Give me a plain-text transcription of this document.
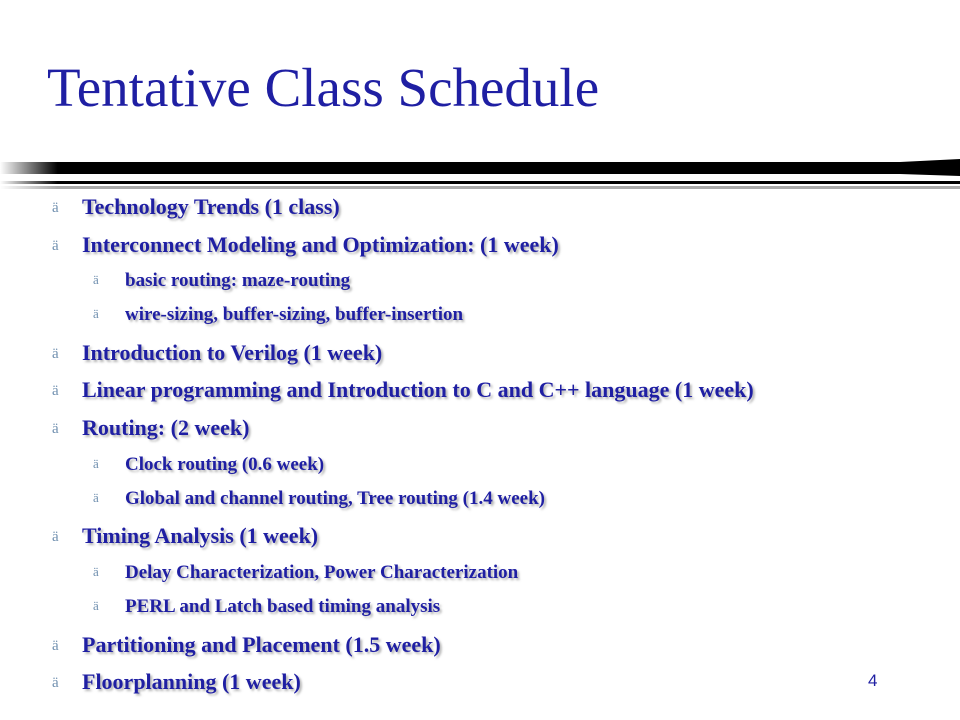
Tentative Class Schedule
ä Technology Trends (1 class)
ä Interconnect Modeling and Optimization: (1 week)
ä basic routing: maze-routing
ä wire-sizing, buffer-sizing, buffer-insertion
ä Introduction to Verilog (1 week)
ä Linear programming and Introduction to C and C++ language (1 week)
ä Routing: (2 week)
ä Clock routing (0.6 week)
ä Global and channel routing, Tree routing (1.4 week)
ä Timing Analysis (1 week)
ä Delay Characterization, Power Characterization
ä PERL and Latch based timing analysis
ä Partitioning and Placement (1.5 week)
ä Floorplanning (1 week)	4
